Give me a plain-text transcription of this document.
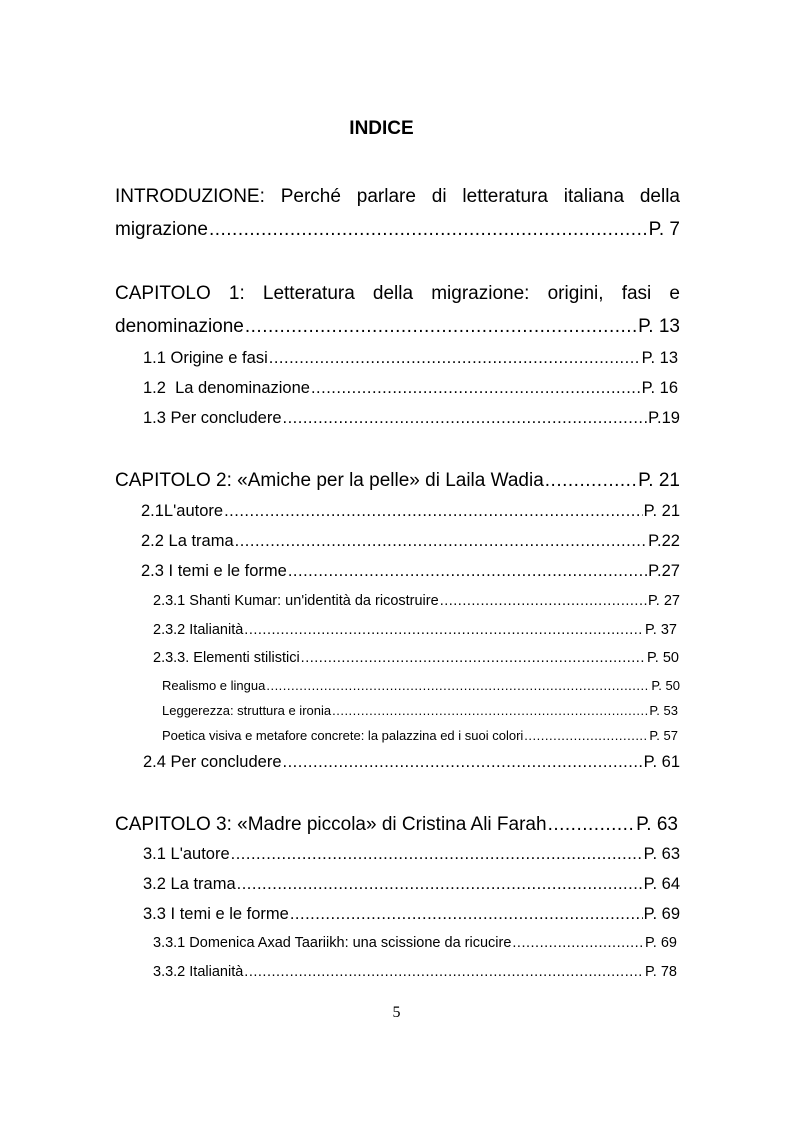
INDICE
INTRODUZIONE: Perché parlare di letteratura italiana della
migrazione .....	P. 7
CAPITOLO 1: Letteratura della migrazione: origini, fasi e
denominazione .....	P. 13
1.1 Origine e fasi .....	P. 13
1.2  La denominazione .....	P. 16
1.3 Per concludere .....	P.19
CAPITOLO 2: «Amiche per la pelle» di Laila Wadia .....	P. 21
2.1L'autore .....	P. 21
2.2 La trama .....	P.22
2.3 I temi e le forme .....	P.27
2.3.1 Shanti Kumar: un'identità da ricostruire .....	P. 27
2.3.2 Italianità .....	P. 37
2.3.3. Elementi stilistici .....	P. 50
Realismo e lingua .....	P. 50
Leggerezza: struttura e ironia .....	P. 53
Poetica visiva e metafore concrete: la palazzina ed i suoi colori .....	P. 57
2.4 Per concludere .....	P. 61
CAPITOLO 3: «Madre piccola» di Cristina Ali Farah .....	P. 63
3.1 L'autore .....	P. 63
3.2 La trama .....	P. 64
3.3 I temi e le forme .....	P. 69
3.3.1 Domenica Axad Taariikh: una scissione da ricucire .....	P. 69
3.3.2 Italianità .....	P. 78
5
